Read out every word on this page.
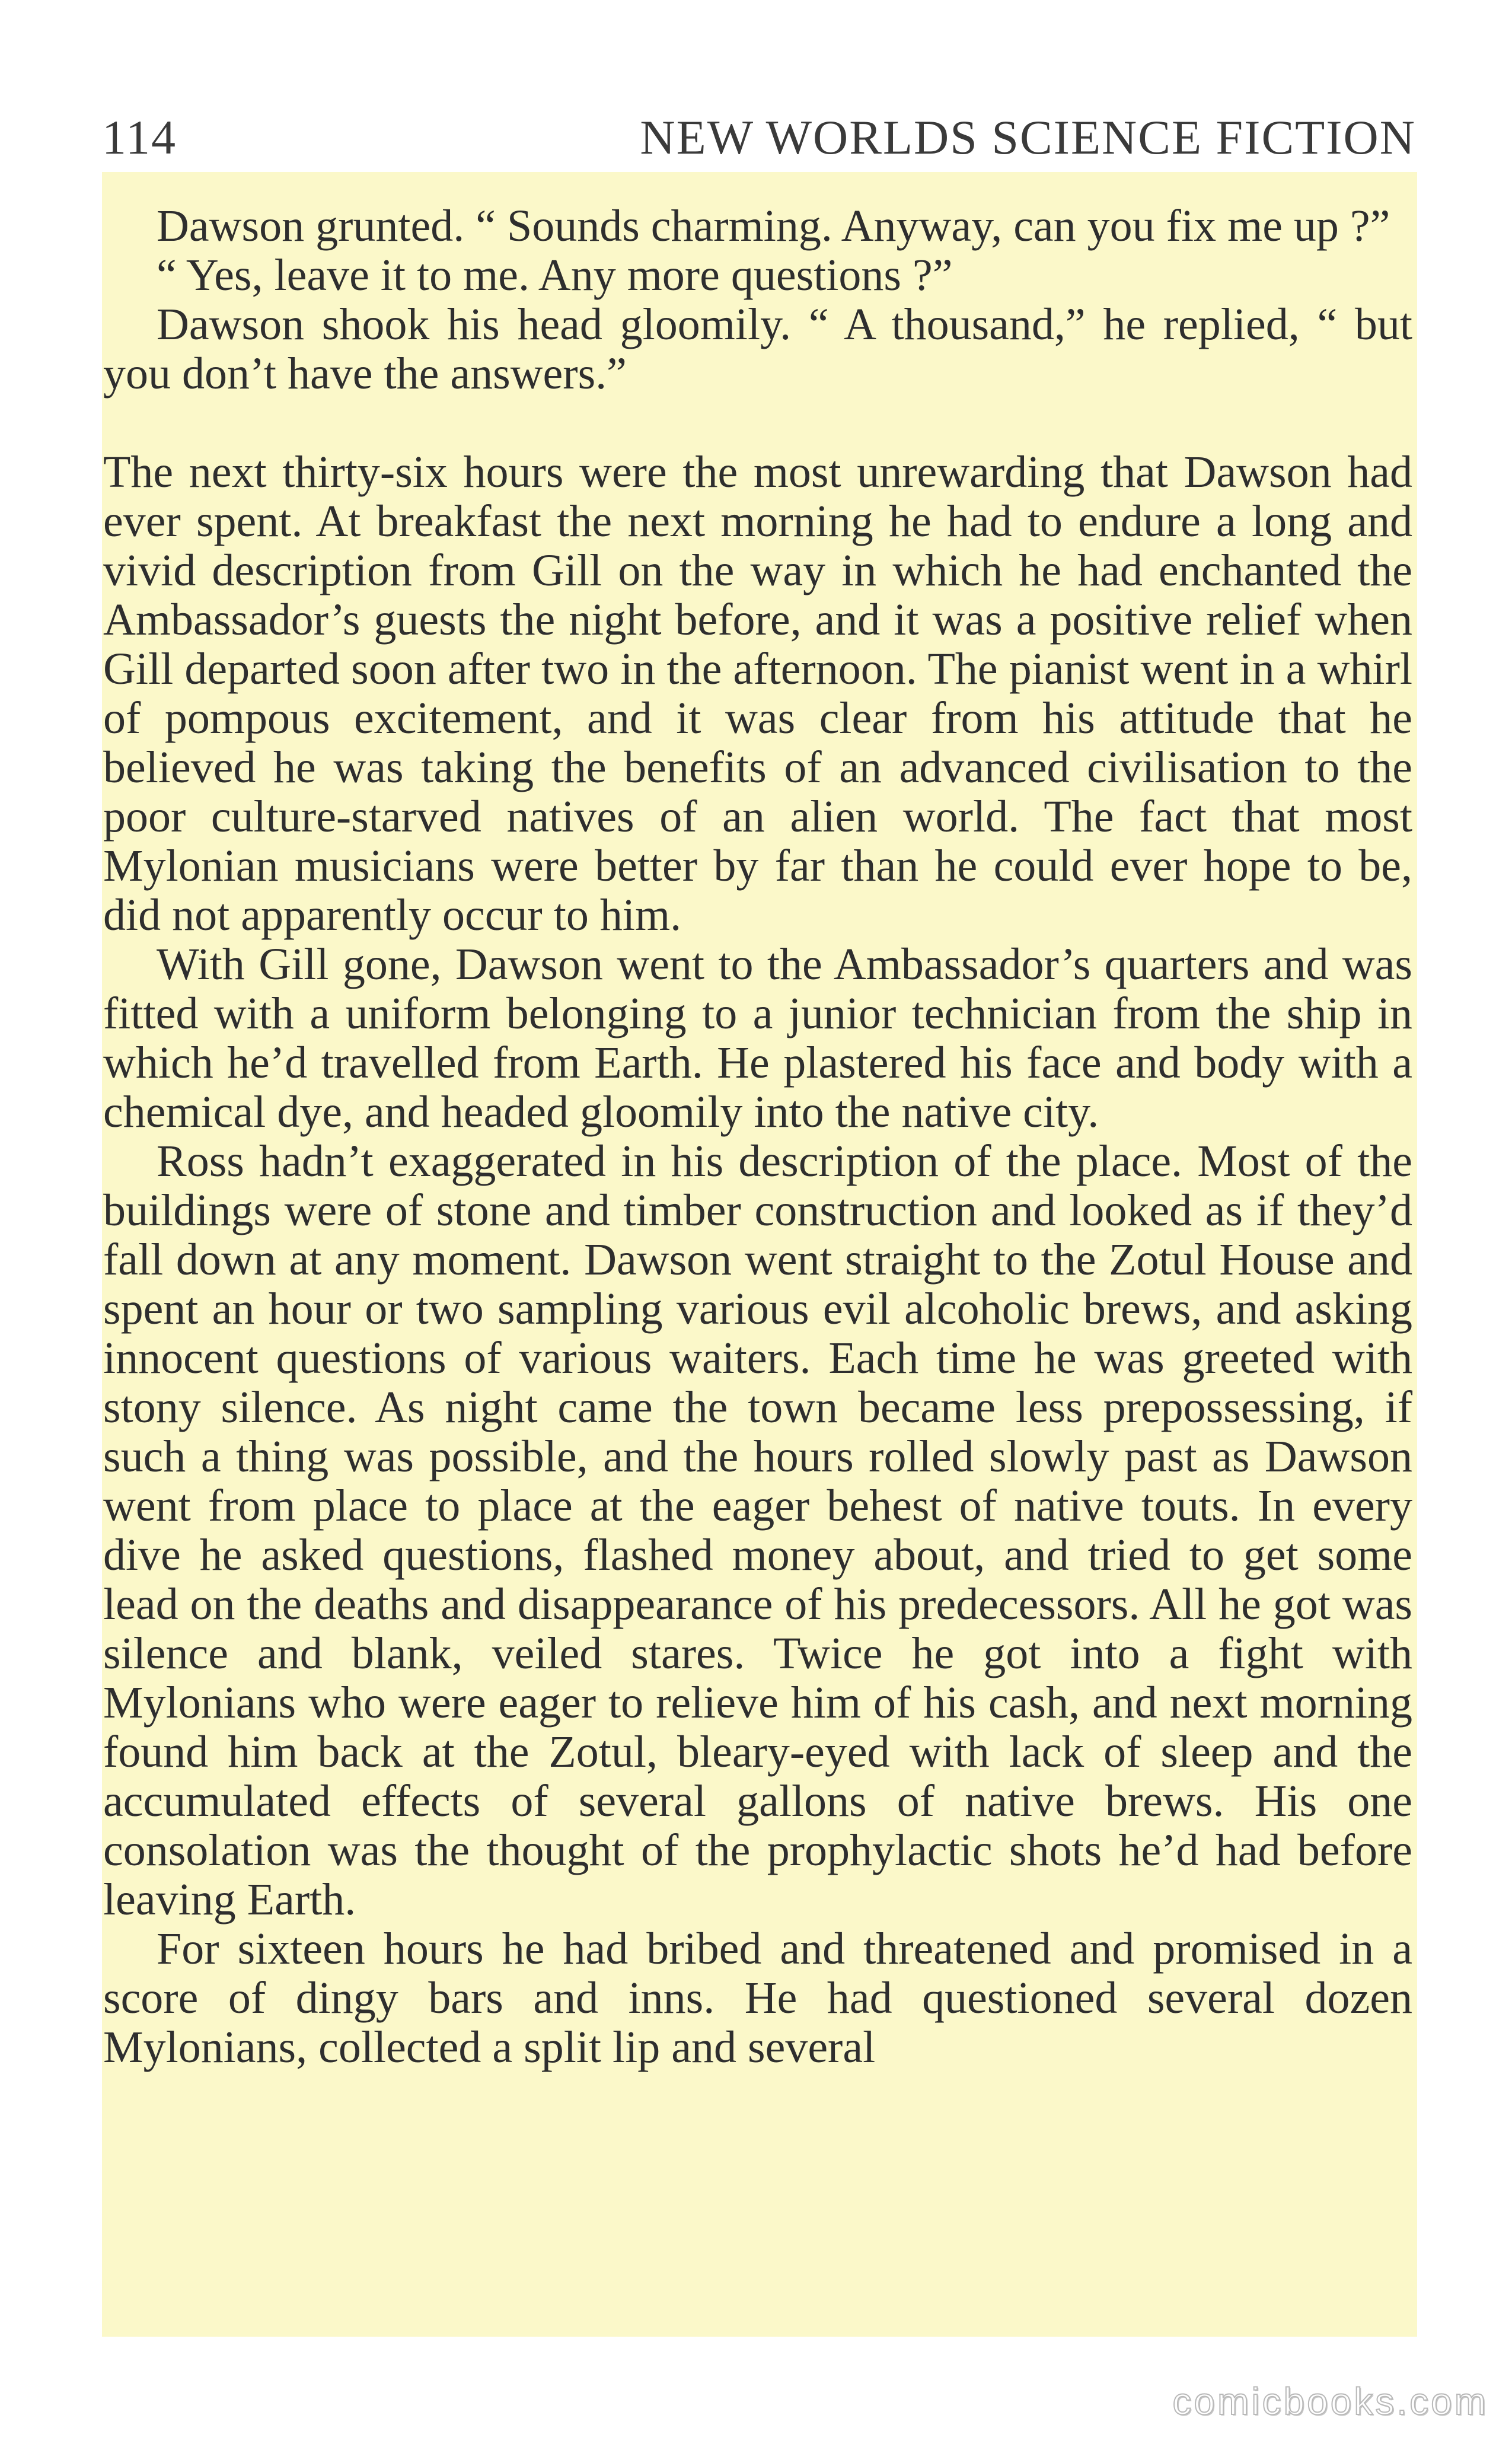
114	NEW WORLDS SCIENCE FICTION

Dawson grunted. “ Sounds charming. Anyway, can you fix me up ?”

“ Yes, leave it to me. Any more questions ?”

Dawson shook his head gloomily. “ A thousand,” he replied, “ but you don’t have the answers.”

The next thirty-six hours were the most unrewarding that Dawson had ever spent. At breakfast the next morning he had to endure a long and vivid description from Gill on the way in which he had enchanted the Ambassador’s guests the night before, and it was a positive relief when Gill departed soon after two in the afternoon. The pianist went in a whirl of pompous excitement, and it was clear from his attitude that he believed he was taking the benefits of an advanced civilisation to the poor culture-starved natives of an alien world. The fact that most Mylonian musicians were better by far than he could ever hope to be, did not apparently occur to him.

With Gill gone, Dawson went to the Ambassador’s quarters and was fitted with a uniform belonging to a junior technician from the ship in which he’d travelled from Earth. He plastered his face and body with a chemical dye, and headed gloomily into the native city.

Ross hadn’t exaggerated in his description of the place. Most of the buildings were of stone and timber construction and looked as if they’d fall down at any moment. Dawson went straight to the Zotul House and spent an hour or two sampling various evil alcoholic brews, and asking innocent questions of various waiters. Each time he was greeted with stony silence. As night came the town became less prepossessing, if such a thing was possible, and the hours rolled slowly past as Dawson went from place to place at the eager behest of native touts. In every dive he asked questions, flashed money about, and tried to get some lead on the deaths and disappearance of his predecessors. All he got was silence and blank, veiled stares. Twice he got into a fight with Mylonians who were eager to relieve him of his cash, and next morning found him back at the Zotul, bleary-eyed with lack of sleep and the accumulated effects of several gallons of native brews. His one consolation was the thought of the prophylactic shots he’d had before leaving Earth.

For sixteen hours he had bribed and threatened and promised in a score of dingy bars and inns. He had questioned several dozen Mylonians, collected a split lip and several

comicbooks.com
